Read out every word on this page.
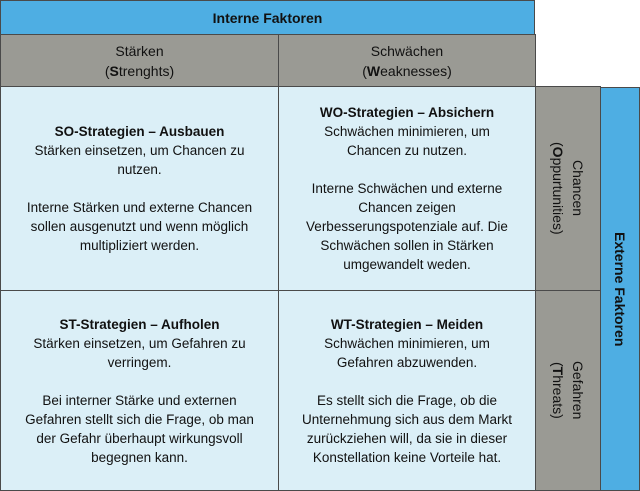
Interne Faktoren
Stärken
(Strenghts)
Schwächen
(Weaknesses)
SO-Strategien – Ausbauen
Stärken einsetzen, um Chancen zu
nutzen.
Interne Stärken und externe Chancen
sollen ausgenutzt und wenn möglich
multipliziert werden.
WO-Strategien – Absichern
Schwächen minimieren, um
Chancen zu nutzen.
Interne Schwächen und externe
Chancen zeigen
Verbesserungspotenziale auf. Die
Schwächen sollen in Stärken
umgewandelt weden.
ST-Strategien – Aufholen
Stärken einsetzen, um Gefahren zu
verringem.
Bei interner Stärke und externen
Gefahren stellt sich die Frage, ob man
der Gefahr überhaupt wirkungsvoll
begegnen kann.
WT-Strategien – Meiden
Schwächen minimieren, um
Gefahren abzuwenden.
Es stellt sich die Frage, ob die
Unternehmung sich aus dem Markt
zurückziehen will, da sie in dieser
Konstellation keine Vorteile hat.
Chancen
(Oppurtunities)
Gefahren
(Threats)
Externe Faktoren
